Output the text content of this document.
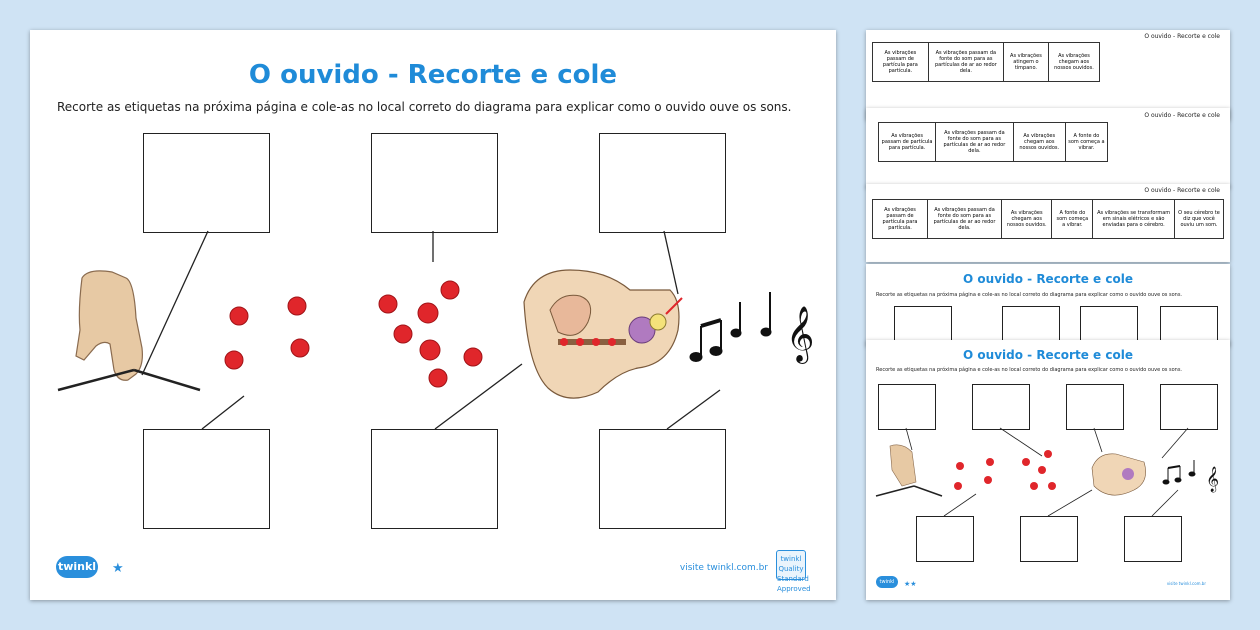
O ouvido - Recorte e cole
Recorte as etiquetas na próxima página e cole-as no local correto do diagrama para explicar como o ouvido ouve os sons.
𝄞
twinkl ★	visite twinkl.com.br
twinkl Quality Standard Approved
O ouvido - Recorte e cole
As vibrações passam de partícula para partícula.	As vibrações passam da fonte do som para as partículas de ar ao redor dela.	As vibrações atingem o tímpano.	As vibrações chegam aos nossos ouvidos.
O ouvido - Recorte e cole
As vibrações passam de partícula para partícula.	As vibrações passam da fonte do som para as partículas de ar ao redor dela.	As vibrações chegam aos nossos ouvidos.	A fonte do som começa a vibrar.
O ouvido - Recorte e cole
As vibrações passam de partícula para partícula.	As vibrações passam da fonte do som para as partículas de ar ao redor dela.	As vibrações chegam aos nossos ouvidos.	A fonte do som começa a vibrar.	As vibrações se transformam em sinais elétricos e são enviadas para o cérebro.	O seu cérebro te diz que você ouviu um som.
O ouvido - Recorte e cole
Recorte as etiquetas na próxima página e cole-as no local correto do diagrama para explicar como o ouvido ouve os sons.
O ouvido - Recorte e cole
Recorte as etiquetas na próxima página e cole-as no local correto do diagrama para explicar como o ouvido ouve os sons.
𝄞
twinkl	★★	visite twinkl.com.br
